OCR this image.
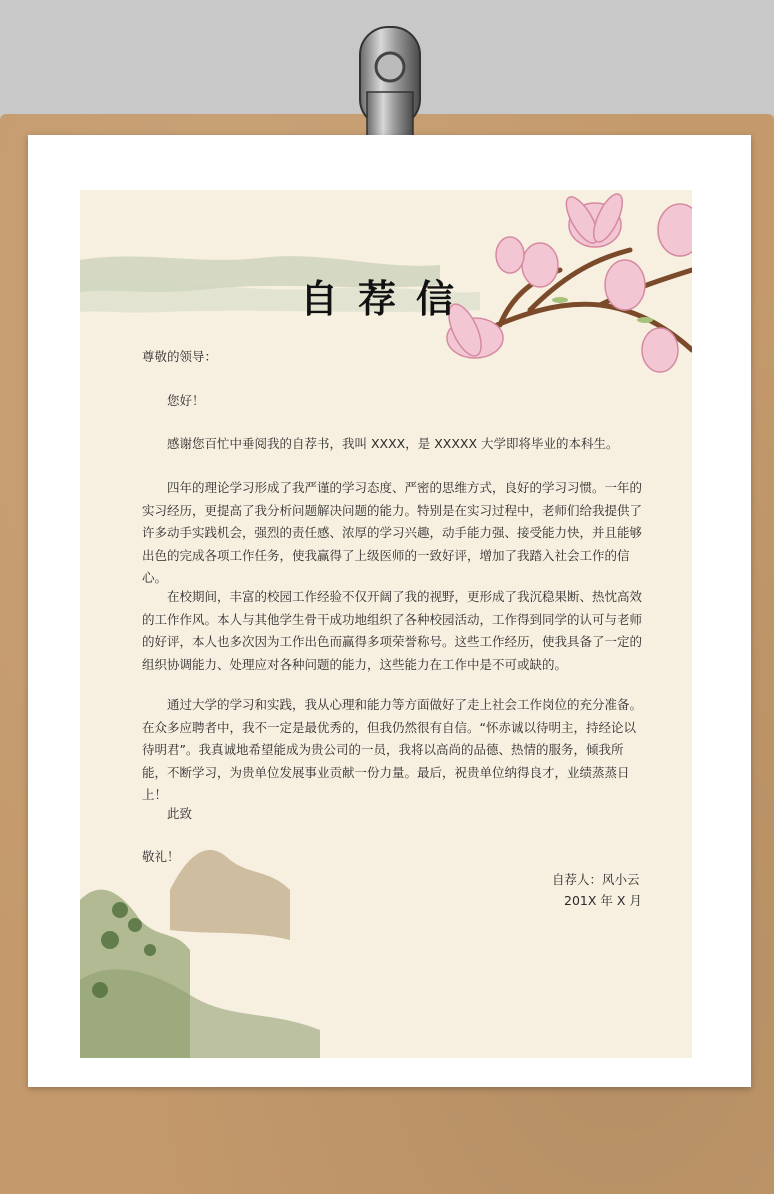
自荐信
尊敬的领导：
您好！
感谢您百忙中垂阅我的自荐书，我叫 XXXX，是 XXXXX 大学即将毕业的本科生。
四年的理论学习形成了我严谨的学习态度、严密的思维方式，良好的学习习惯。一年的实习经历，更提高了我分析问题解决问题的能力。特别是在实习过程中，老师们给我提供了许多动手实践机会，强烈的责任感、浓厚的学习兴趣，动手能力强、接受能力快，并且能够出色的完成各项工作任务，使我赢得了上级医师的一致好评，增加了我踏入社会工作的信心。
在校期间，丰富的校园工作经验不仅开阔了我的视野，更形成了我沉稳果断、热忱高效的工作作风。本人与其他学生骨干成功地组织了各种校园活动，工作得到同学的认可与老师的好评，本人也多次因为工作出色而赢得多项荣誉称号。这些工作经历，使我具备了一定的组织协调能力、处理应对各种问题的能力，这些能力在工作中是不可或缺的。
通过大学的学习和实践，我从心理和能力等方面做好了走上社会工作岗位的充分准备。在众多应聘者中，我不一定是最优秀的，但我仍然很有自信。“怀赤诚以待明主，持经论以待明君”。我真诚地希望能成为贵公司的一员，我将以高尚的品德、热情的服务，倾我所能，不断学习，为贵单位发展事业贡献一份力量。最后，祝贵单位纳得良才，业绩蒸蒸日上！
此致
敬礼！
自荐人：风小云
201X 年 X 月
